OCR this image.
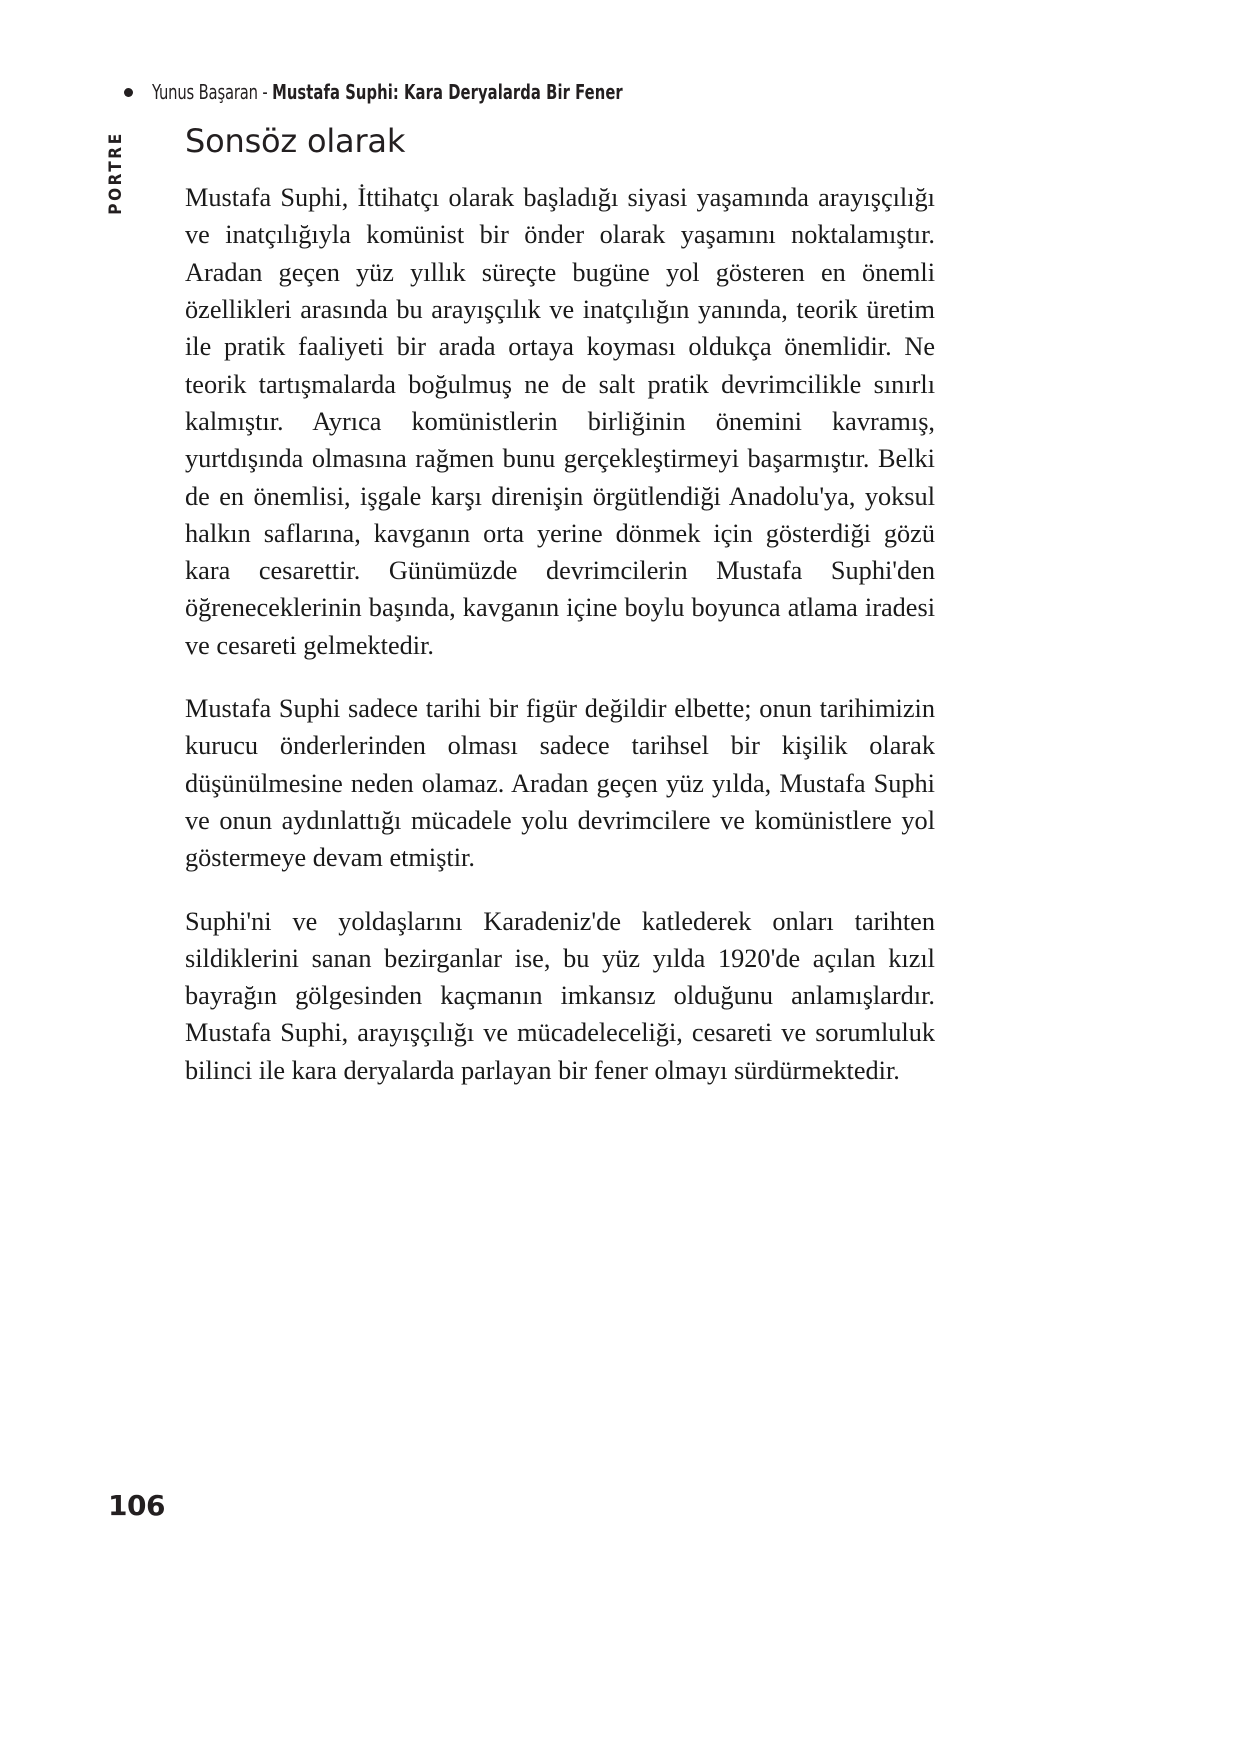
Yunus Başaran - Mustafa Suphi: Kara Deryalarda Bir Fener
PORTRE Sonsöz olarak

Mustafa Suphi, İttihatçı olarak başladığı siyasi yaşamında arayışçılığı ve inatçılığıyla komünist bir önder olarak yaşamını noktalamıştır. Aradan geçen yüz yıllık süreçte bugüne yol gösteren en önemli özellikleri arasında bu arayışçılık ve inatçılığın yanında, teorik üretim ile pratik faaliyeti bir arada ortaya koyması oldukça önemlidir. Ne teorik tartışmalarda boğulmuş ne de salt pratik devrimcilikle sınırlı kalmıştır. Ayrıca komünistlerin birliğinin önemini kavramış, yurtdışında olmasına rağmen bunu gerçekleştirmeyi başarmıştır. Belki de en önemlisi, işgale karşı direnişin örgütlendiği Anadolu'ya, yoksul halkın saflarına, kavganın orta yerine dönmek için gösterdiği gözü kara cesarettir. Günümüzde devrimcilerin Mustafa Suphi'den öğreneceklerinin başında, kavganın içine boylu boyunca atlama iradesi ve cesareti gelmektedir.

Mustafa Suphi sadece tarihi bir figür değildir elbette; onun tarihimizin kurucu önderlerinden olması sadece tarihsel bir kişilik olarak düşünülmesine neden olamaz. Aradan geçen yüz yılda, Mustafa Suphi ve onun aydınlattığı mücadele yolu devrimcilere ve komünistlere yol göstermeye devam etmiştir.

Suphi'ni ve yoldaşlarını Karadeniz'de katlederek onları tarihten sildiklerini sanan bezirganlar ise, bu yüz yılda 1920'de açılan kızıl bayrağın gölgesinden kaçmanın imkansız olduğunu anlamışlardır. Mustafa Suphi, arayışçılığı ve mücadeleceliği, cesareti ve sorumluluk bilinci ile kara deryalarda parlayan bir fener olmayı sürdürmektedir.

106
